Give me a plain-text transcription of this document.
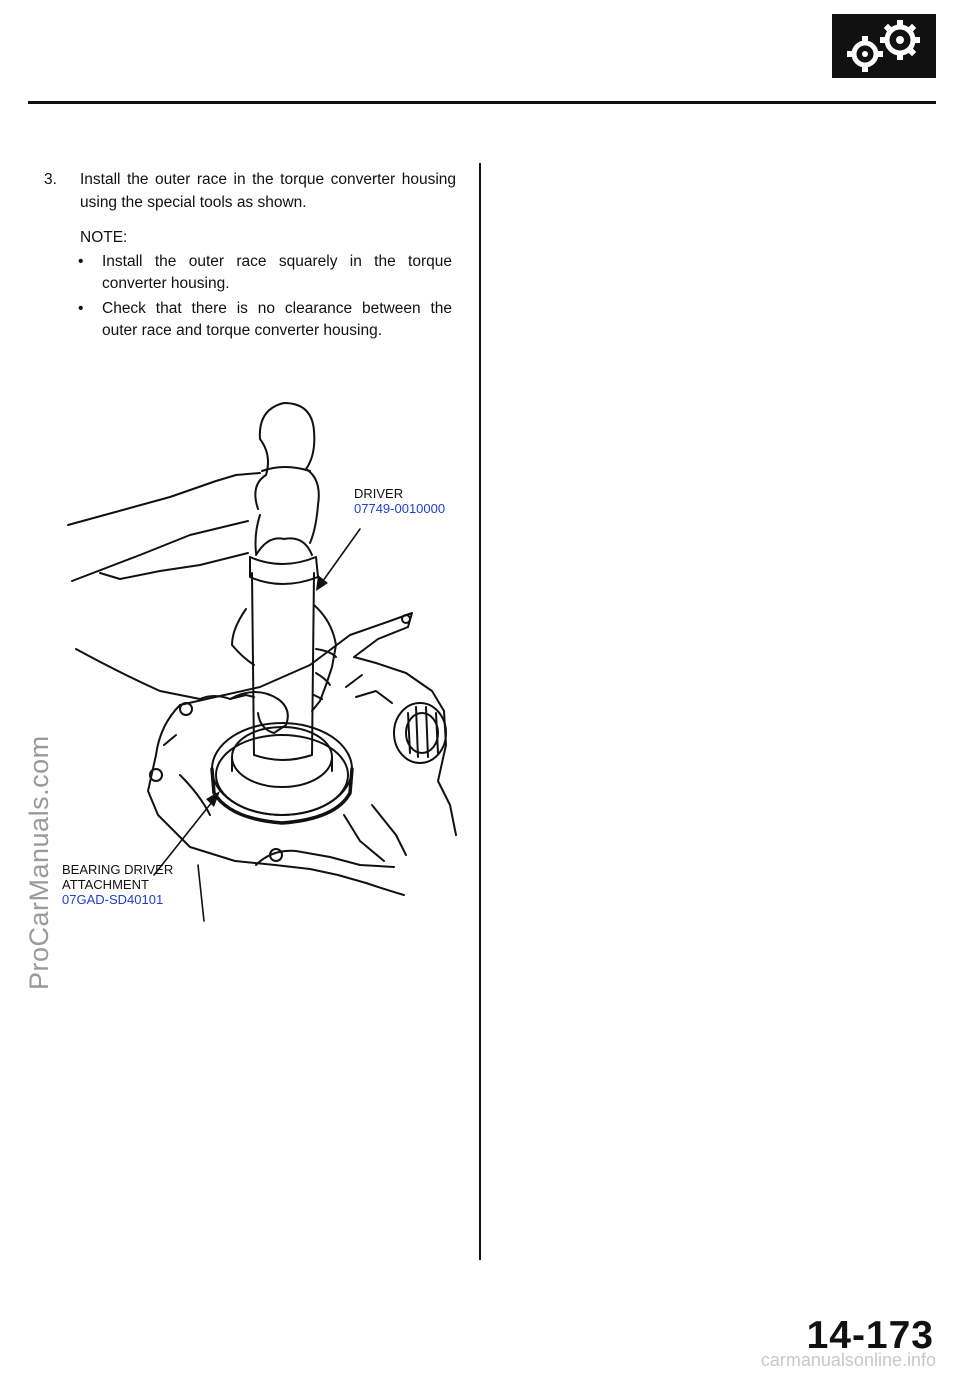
ProCarManuals.com
3. Install the outer race in the torque converter housing using the special tools as shown.
NOTE:
• Install the outer race squarely in the torque converter housing.
• Check that there is no clearance between the outer race and torque converter housing.
DRIVER
07749-0010000
BEARING DRIVER
ATTACHMENT
07GAD-SD40101
14-173
carmanualsonline.info
